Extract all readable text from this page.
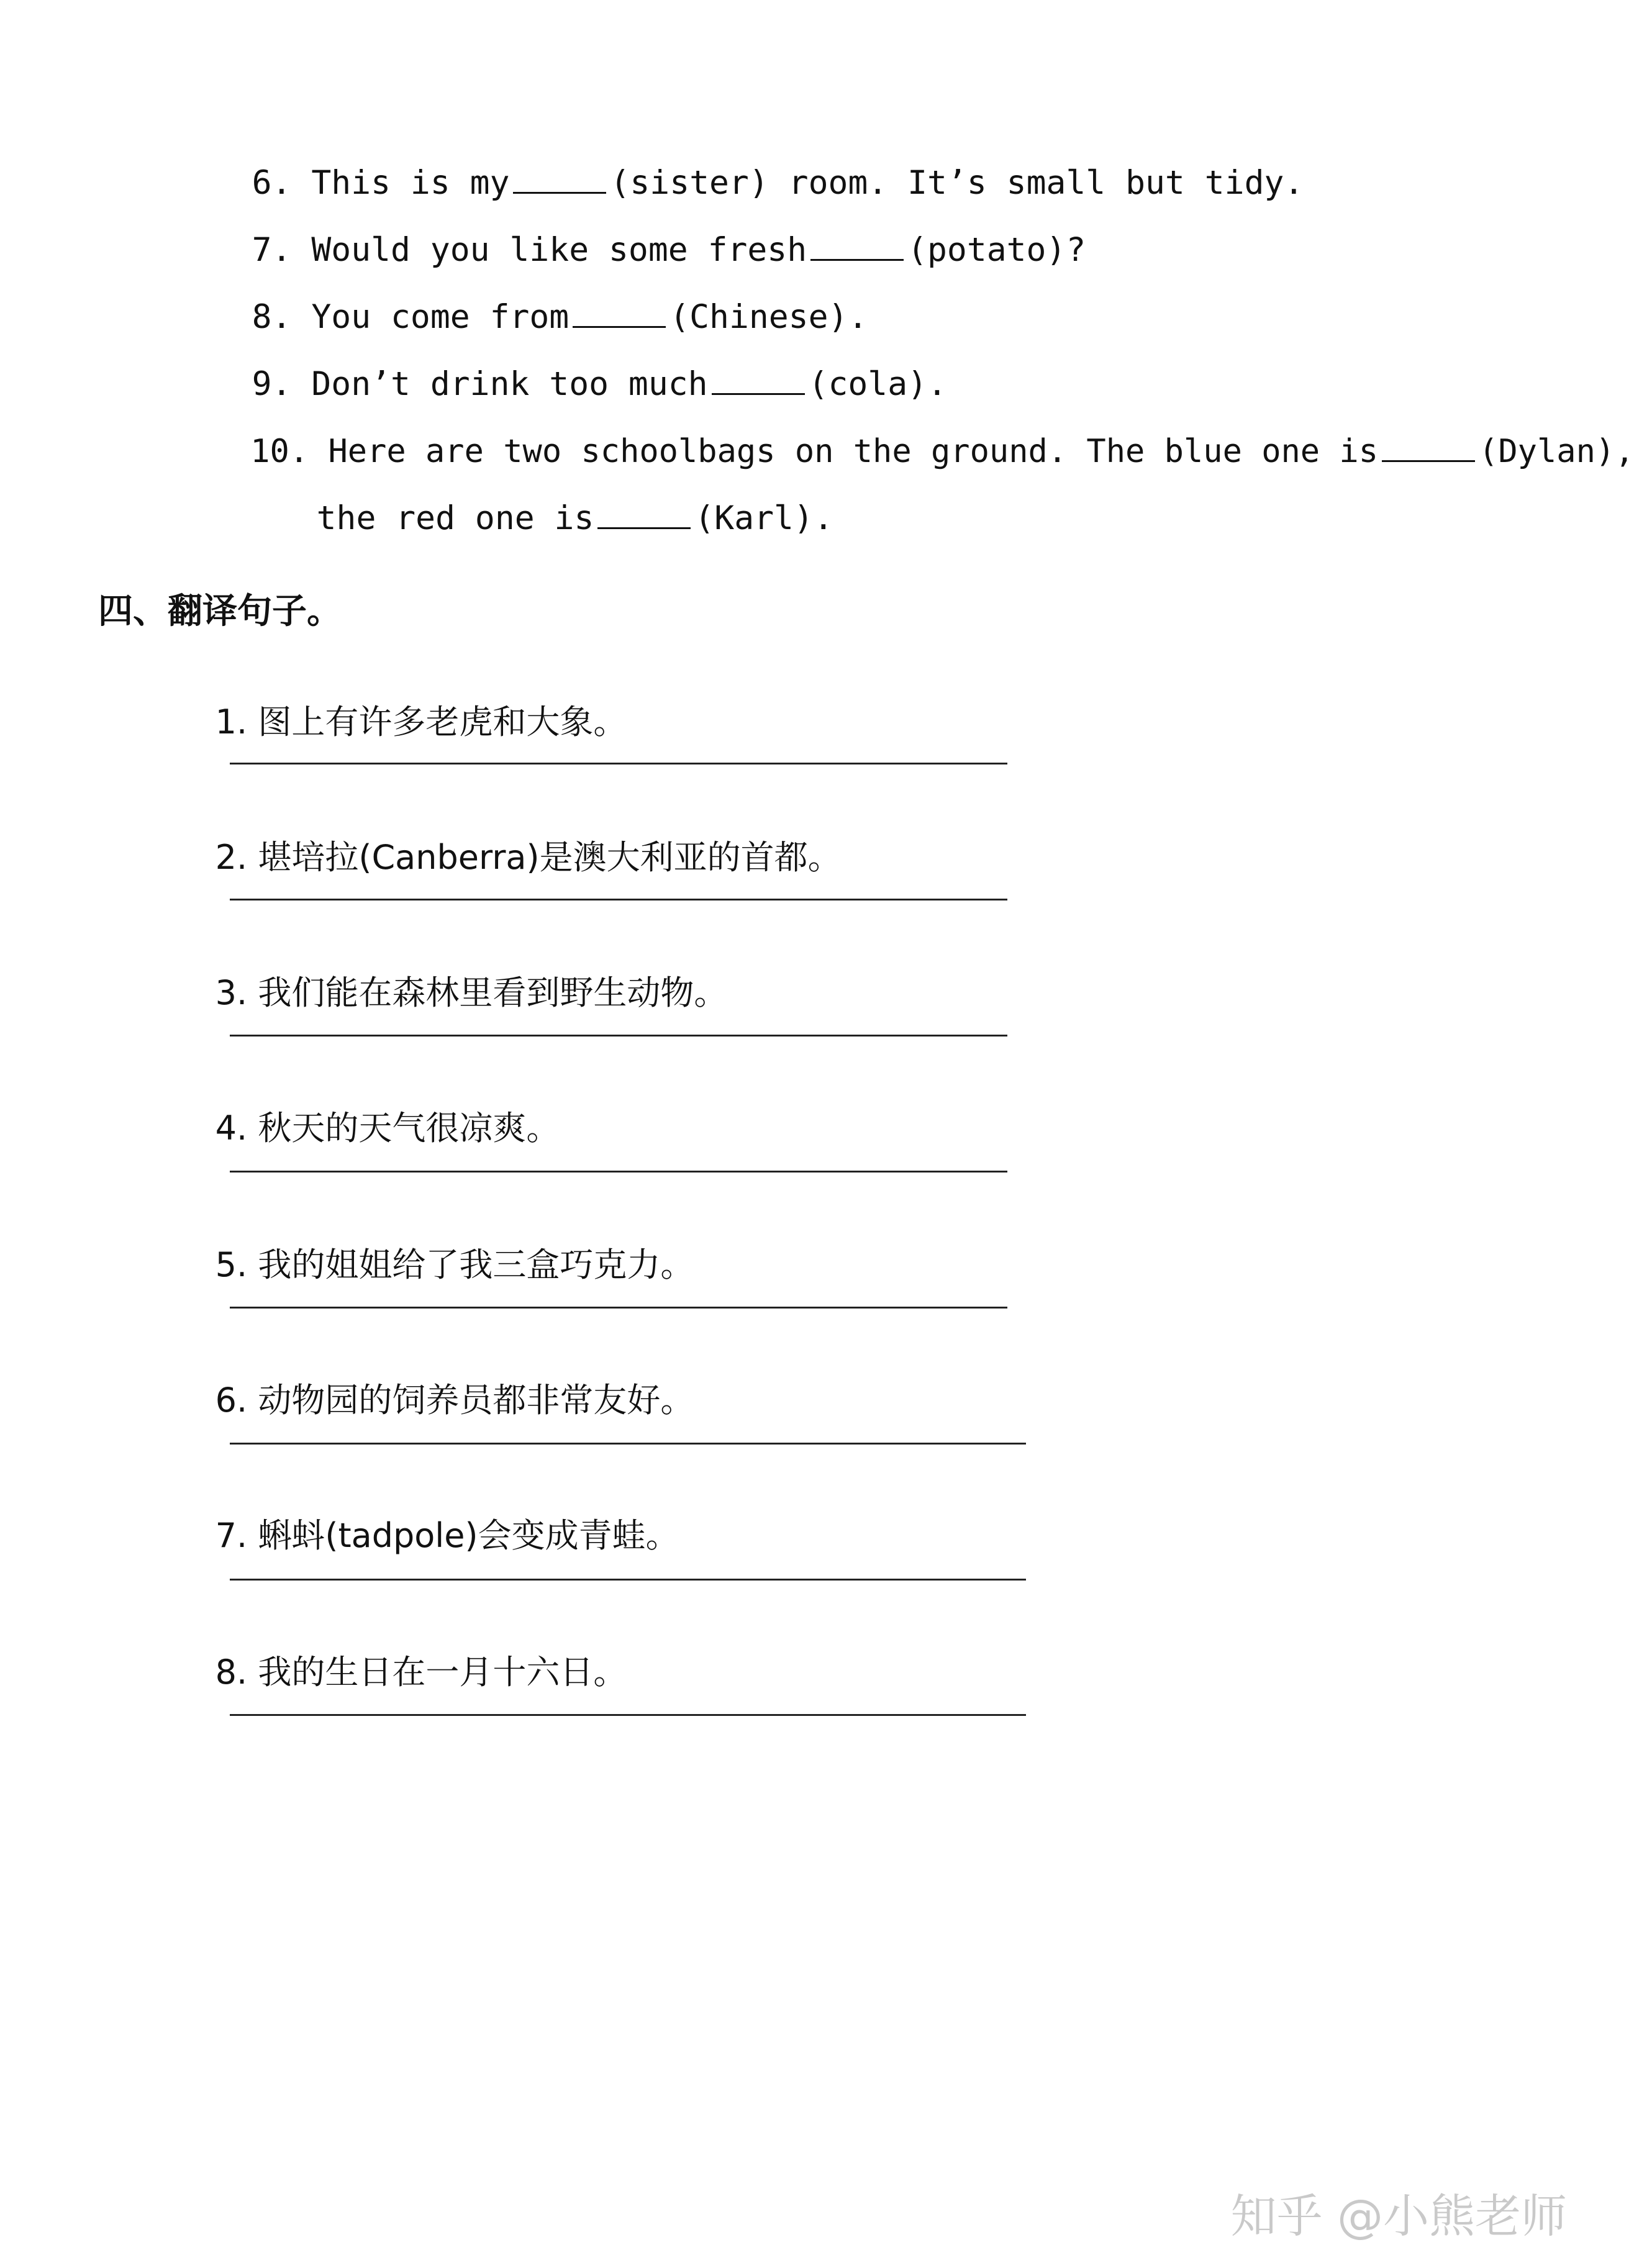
6. This is my	(sister) room. It’s small but tidy.

7. Would you like some fresh	(potato)?

8. You come from	(Chinese).

9. Don’t drink too much	(cola).

10. Here are two schoolbags on the ground. The blue one is	(Dylan),

the red one is	(Karl).

四、翻译句子。

1. 图上有许多老虎和大象。

2. 堪培拉(Canberra)是澳大利亚的首都。

3. 我们能在森林里看到野生动物。

4. 秋天的天气很凉爽。

5. 我的姐姐给了我三盒巧克力。

6. 动物园的饲养员都非常友好。

7. 蝌蚪(tadpole)会变成青蛙。

8. 我的生日在一月十六日。

知乎 @小熊老师
